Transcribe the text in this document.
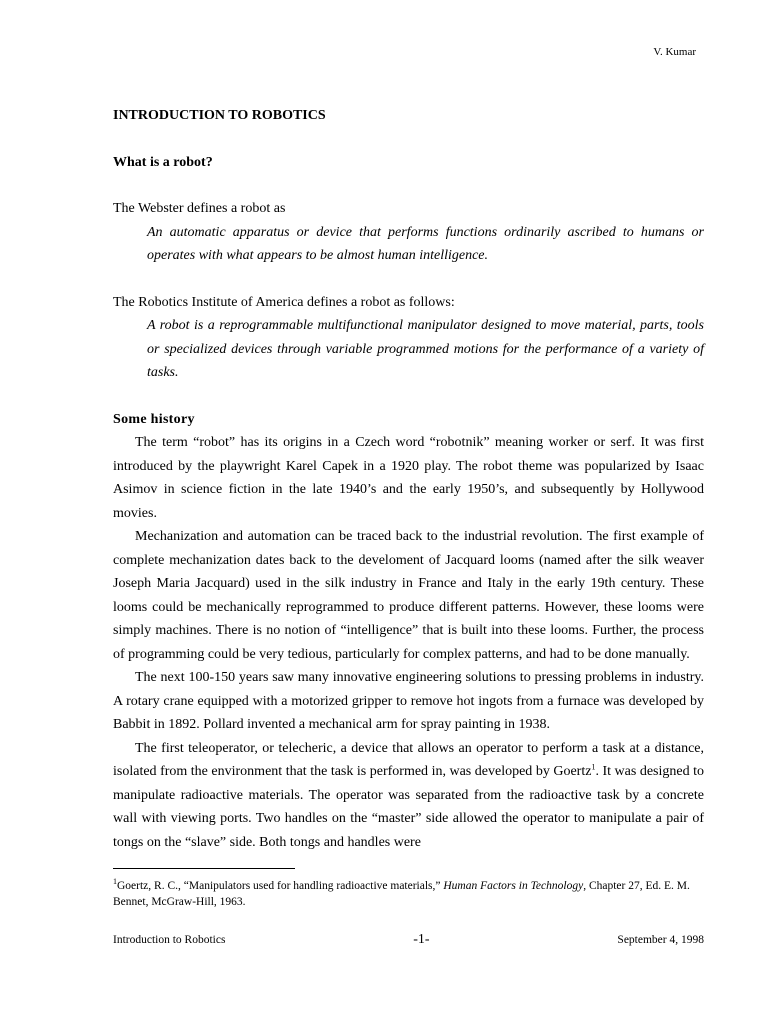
V. Kumar

INTRODUCTION TO ROBOTICS

What is a robot?

The Webster defines a robot as

An automatic apparatus or device that performs functions ordinarily ascribed to humans or operates with what appears to be almost human intelligence.

The Robotics Institute of America defines a robot as follows:

A robot is a reprogrammable multifunctional manipulator designed to move material, parts, tools or specialized devices through variable programmed motions for the performance of a variety of tasks.

Some history

The term “robot” has its origins in a Czech word “robotnik” meaning worker or serf. It was first introduced by the playwright Karel Capek in a 1920 play. The robot theme was popularized by Isaac Asimov in science fiction in the late 1940’s and the early 1950’s, and subsequently by Hollywood movies.

Mechanization and automation can be traced back to the industrial revolution. The first example of complete mechanization dates back to the develoment of Jacquard looms (named after the silk weaver Joseph Maria Jacquard) used in the silk industry in France and Italy in the early 19th century. These looms could be mechanically reprogrammed to produce different patterns. However, these looms were simply machines. There is no notion of “intelligence” that is built into these looms. Further, the process of programming could be very tedious, particularly for complex patterns, and had to be done manually.

The next 100-150 years saw many innovative engineering solutions to pressing problems in industry. A rotary crane equipped with a motorized gripper to remove hot ingots from a furnace was developed by Babbit in 1892. Pollard invented a mechanical arm for spray painting in 1938.

The first teleoperator, or telecheric, a device that allows an operator to perform a task at a distance, isolated from the environment that the task is performed in, was developed by Goertz$^1$. It was designed to manipulate radioactive materials. The operator was separated from the radioactive task by a concrete wall with viewing ports. Two handles on the “master” side allowed the operator to manipulate a pair of tongs on the “slave” side. Both tongs and handles were

$^1$Goertz, R. C., “Manipulators used for handling radioactive materials,” Human Factors in Technology, Chapter 27, Ed. E. M. Bennet, McGraw-Hill, 1963.
Introduction to Robotics	-1-	September 4, 1998
